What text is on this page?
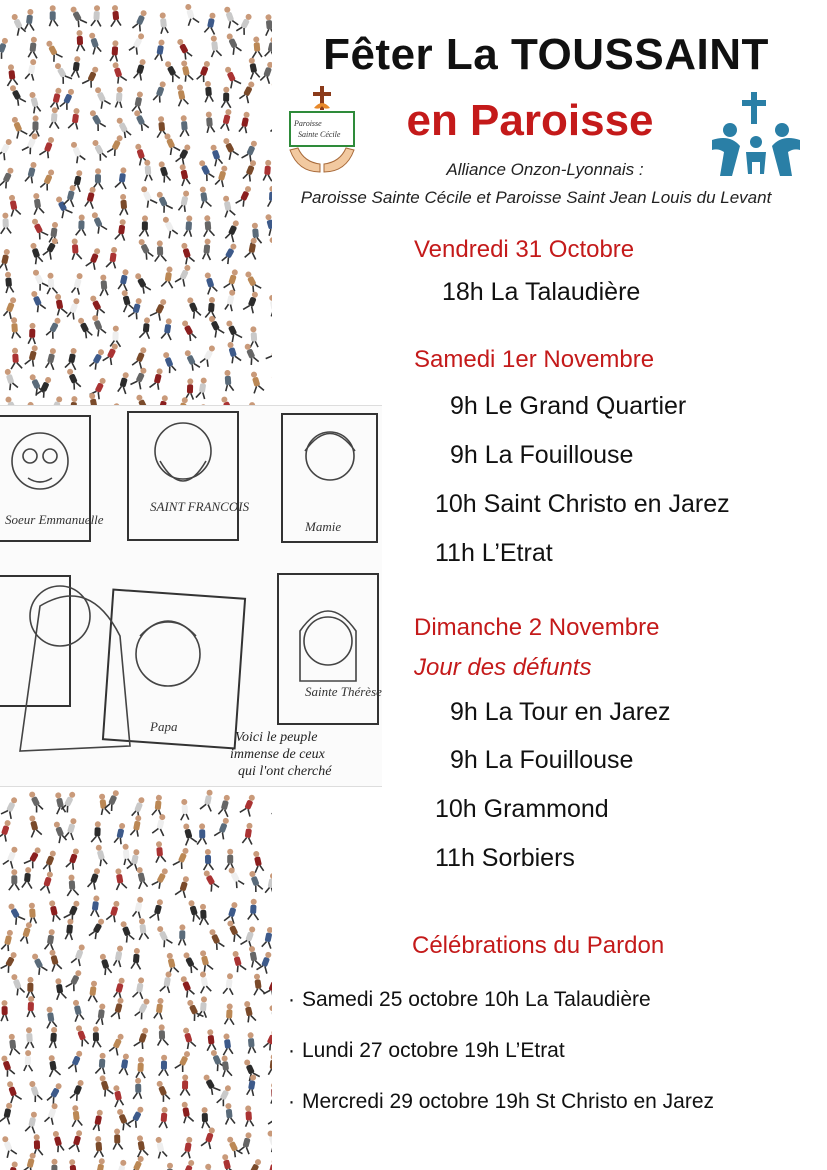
Soeur Emmanuelle
SAINT FRANCOIS
Mamie
Sainte Thérèse
Papa
Voici le peuple
immense de ceux
qui l'ont cherché
Fêter La TOUSSAINT
en Paroisse
Paroisse
Sainte Cécile
Alliance Onzon-Lyonnais :
Paroisse Sainte Cécile et Paroisse Saint Jean Louis du Levant
Vendredi 31 Octobre
18h La Talaudière
Samedi 1er Novembre
9h Le Grand Quartier
9h La Fouillouse
10h Saint Christo en Jarez
11h L’Etrat
Dimanche 2 Novembre
Jour des défunts
9h La Tour en Jarez
9h La Fouillouse
10h Grammond
11h Sorbiers
Célébrations du Pardon
· Samedi 25 octobre 10h La Talaudière
· Lundi 27 octobre 19h L’Etrat
· Mercredi 29 octobre 19h St Christo en Jarez
